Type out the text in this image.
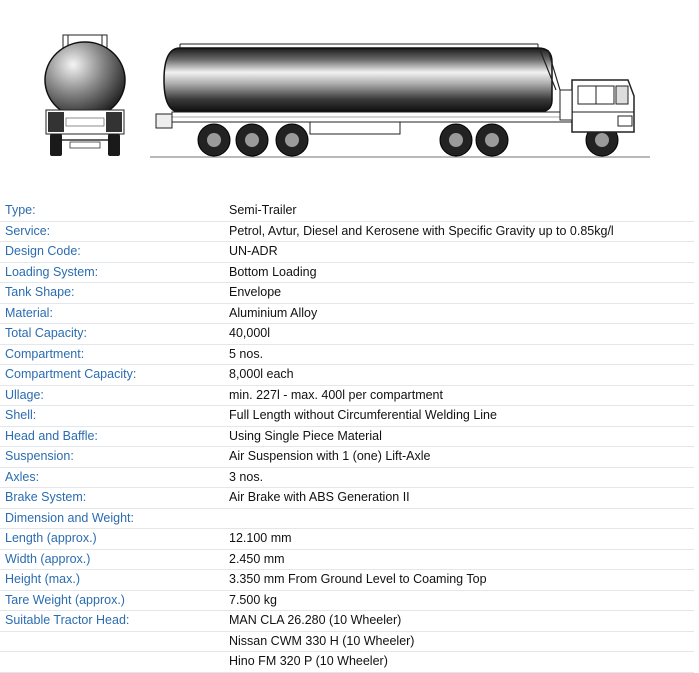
Type:	Semi-Trailer
Service:	Petrol, Avtur, Diesel and Kerosene with Specific Gravity up to 0.85kg/l
Design Code:	UN-ADR
Loading System:	Bottom Loading
Tank Shape:	Envelope
Material:	Aluminium Alloy
Total Capacity:	40,000l
Compartment:	5 nos.
Compartment Capacity:	8,000l each
Ullage:	min. 227l - max. 400l per compartment
Shell:	Full Length without Circumferential Welding Line
Head and Baffle:	Using Single Piece Material
Suspension:	Air Suspension with 1 (one) Lift-Axle
Axles:	3 nos.
Brake System:	Air Brake with ABS Generation II
Dimension and Weight:	
Length (approx.)	12.100 mm
Width (approx.)	2.450 mm
Height (max.)	3.350 mm From Ground Level to Coaming Top
Tare Weight (approx.)	7.500 kg
Suitable Tractor Head:	MAN CLA 26.280 (10 Wheeler)
	Nissan CWM 330 H (10 Wheeler)
	Hino FM 320 P (10 Wheeler)
